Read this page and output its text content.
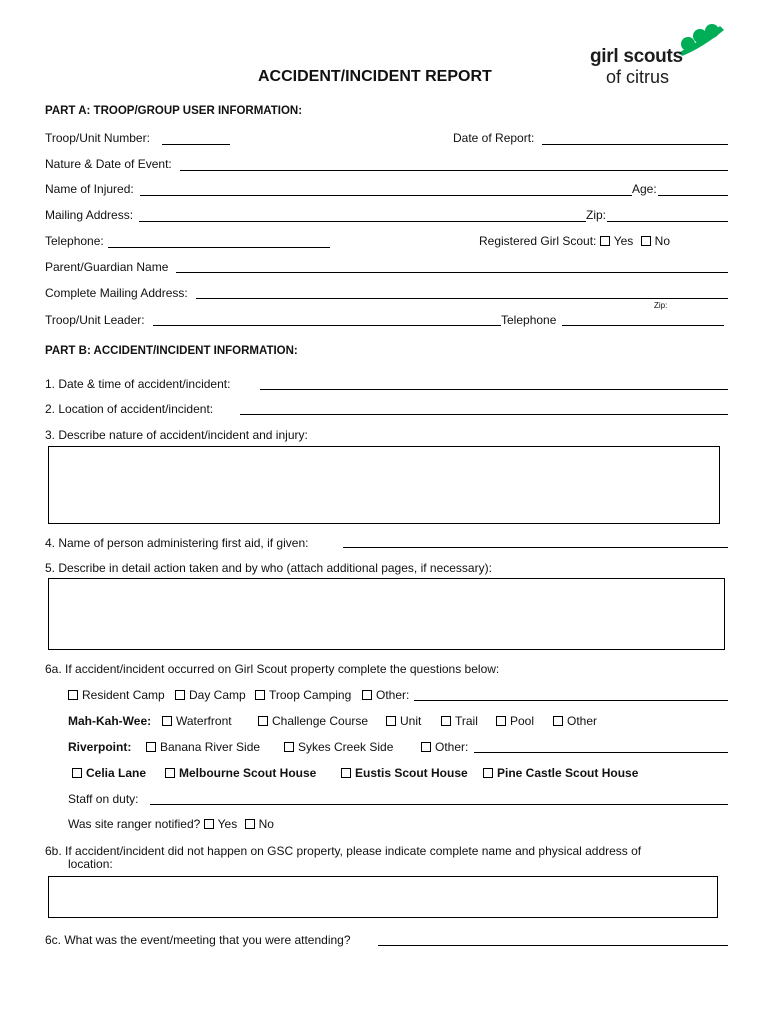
girl scouts
of citrus
ACCIDENT/INCIDENT REPORT
PART A: TROOP/GROUP USER INFORMATION:
Troop/Unit Number:	Date of Report:
Nature & Date of Event:
Name of Injured:	Age:
Mailing Address:	Zip:
Telephone:	Registered Girl Scout: Yes No
Parent/Guardian Name
Complete Mailing Address:
Zip:
Troop/Unit Leader:	Telephone
PART B: ACCIDENT/INCIDENT INFORMATION:
1. Date & time of accident/incident:
2. Location of accident/incident:
3. Describe nature of accident/incident and injury:
4. Name of person administering first aid, if given:
5. Describe in detail action taken and by who (attach additional pages, if necessary):
6a. If accident/incident occurred on Girl Scout property complete the questions below:
Resident Camp	Day Camp	Troop Camping	Other:
Mah-Kah-Wee:	Waterfront	Challenge Course	Unit	Trail	Pool	Other
Riverpoint:	Banana River Side	Sykes Creek Side	Other:
Celia Lane	Melbourne Scout House	Eustis Scout House	Pine Castle Scout House
Staff on duty:
Was site ranger notified? Yes No
6b. If accident/incident did not happen on GSC property, please indicate complete name and physical address of
location:
6c. What was the event/meeting that you were attending?
